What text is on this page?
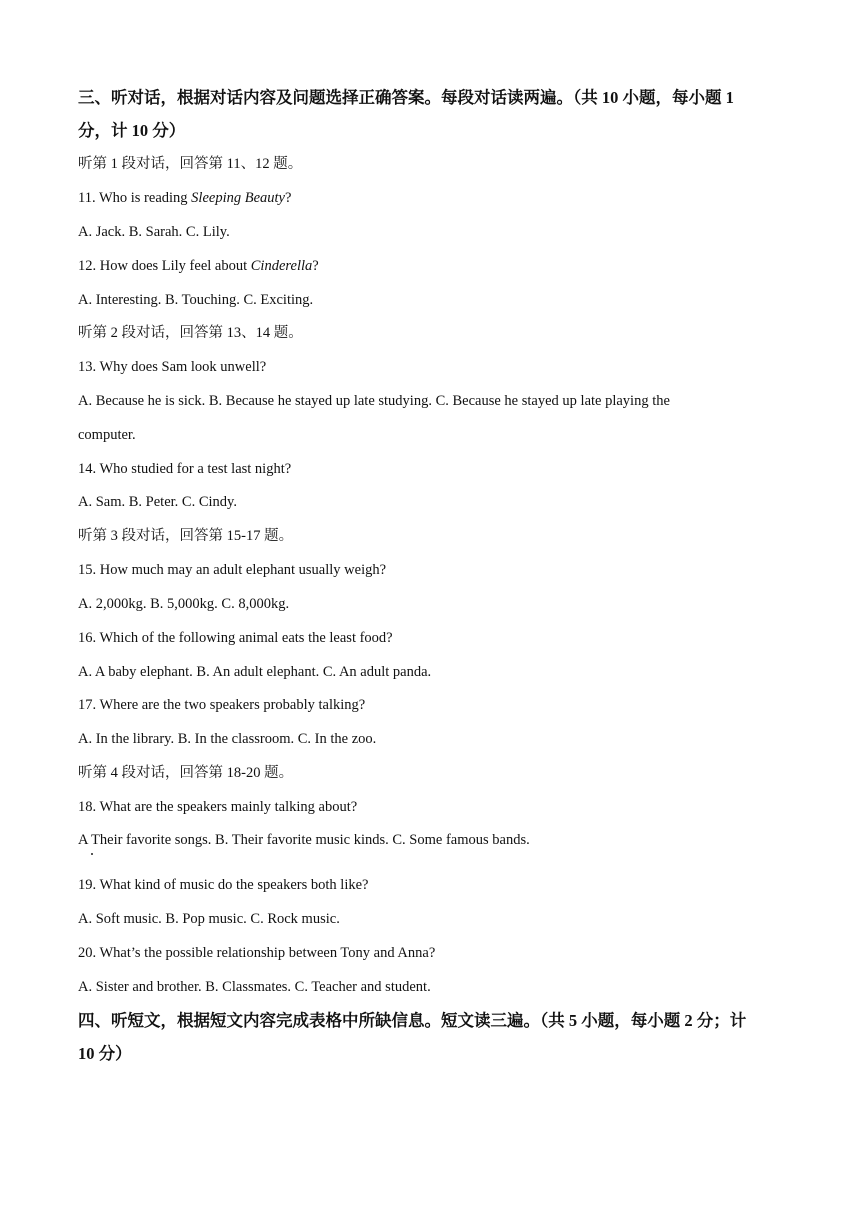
三、听对话，根据对话内容及问题选择正确答案。每段对话读两遍。（共 10 小题，每小题 1
分，计 10 分）
听第 1 段对话，回答第 11、12 题。
11. Who is reading Sleeping Beauty?
A. Jack. B. Sarah. C. Lily.
12. How does Lily feel about Cinderella?
A. Interesting. B. Touching. C. Exciting.
听第 2 段对话，回答第 13、14 题。
13. Why does Sam look unwell?
A. Because he is sick. B. Because he stayed up late studying. C. Because he stayed up late playing the
computer.
14. Who studied for a test last night?
A. Sam. B. Peter. C. Cindy.
听第 3 段对话，回答第 15-17 题。
15. How much may an adult elephant usually weigh?
A. 2,000kg. B. 5,000kg. C. 8,000kg.
16. Which of the following animal eats the least food?
A. A baby elephant. B. An adult elephant. C. An adult panda.
17. Where are the two speakers probably talking?
A. In the library. B. In the classroom. C. In the zoo.
听第 4 段对话，回答第 18-20 题。
18. What are the speakers mainly talking about?
A Their favorite songs. B. Their favorite music kinds. C. Some famous bands.
19. What kind of music do the speakers both like?
A. Soft music. B. Pop music. C. Rock music.
20. What’s the possible relationship between Tony and Anna?
A. Sister and brother. B. Classmates. C. Teacher and student.
四、听短文，根据短文内容完成表格中所缺信息。短文读三遍。（共 5 小题，每小题 2 分；计
10 分）
